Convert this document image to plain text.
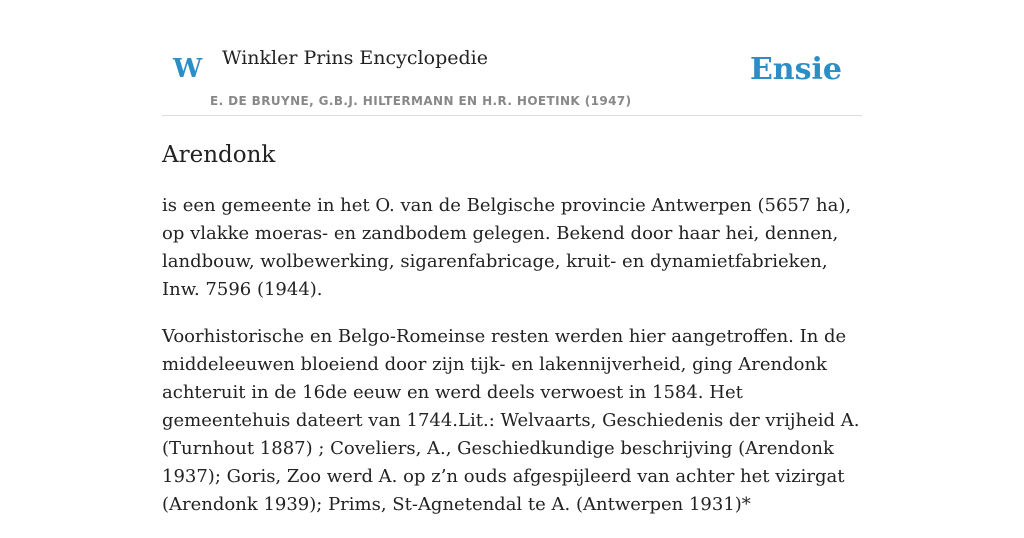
W Winkler Prins Encyclopedie
E. DE BRUYNE, G.B.J. HILTERMANN EN H.R. HOETINK (1947)
Ensie
Arendonk

is een gemeente in het O. van de Belgische provincie Antwerpen (5657 ha), op vlakke moeras- en zandbodem gelegen. Bekend door haar hei, dennen, landbouw, wolbewerking, sigarenfabricage, kruit- en dynamietfabrieken, Inw. 7596 (1944).

Voorhistorische en Belgo-Romeinse resten werden hier aangetroffen. In de middeleeuwen bloeiend door zijn tijk- en lakennijverheid, ging Arendonk achteruit in de 16de eeuw en werd deels verwoest in 1584. Het gemeentehuis dateert van 1744.Lit.: Welvaarts, Geschiedenis der vrijheid A. (Turnhout 1887) ; Coveliers, A., Geschiedkundige beschrijving (Arendonk 1937); Goris, Zoo werd A. op z’n ouds afgespijleerd van achter het vizirgat (Arendonk 1939); Prims, St-Agnetendal te A. (Antwerpen 1931)*
